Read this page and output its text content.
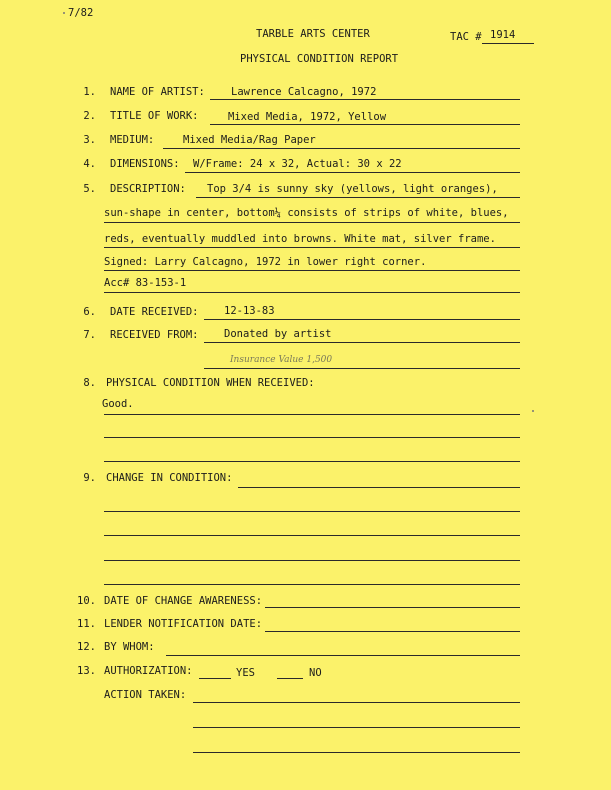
7/82
TARBLE ARTS CENTER	TAC # 1914
PHYSICAL CONDITION REPORT
1. NAME OF ARTIST: Lawrence Calcagno, 1972
2. TITLE OF WORK:	Mixed Media, 1972, Yellow
3. MEDIUM:	Mixed Media/Rag Paper
4. DIMENSIONS: W/Frame: 24 x 32, Actual: 30 x 22
5. DESCRIPTION: Top 3/4 is sunny sky (yellows, light oranges),
sun-shape in center, bottom¼ consists of strips of white, blues,
reds, eventually muddled into browns. White mat, silver frame.
Signed: Larry Calcagno, 1972 in lower right corner.
Acc# 83-153-1
6. DATE RECEIVED: 12-13-83
7. RECEIVED FROM: Donated by artist
Insurance Value 1,500
8. PHYSICAL CONDITION WHEN RECEIVED:
Good.
9. CHANGE IN CONDITION:
10. DATE OF CHANGE AWARENESS:
11. LENDER NOTIFICATION DATE:
12. BY WHOM:
13. AUTHORIZATION:	YES	NO
ACTION TAKEN:
